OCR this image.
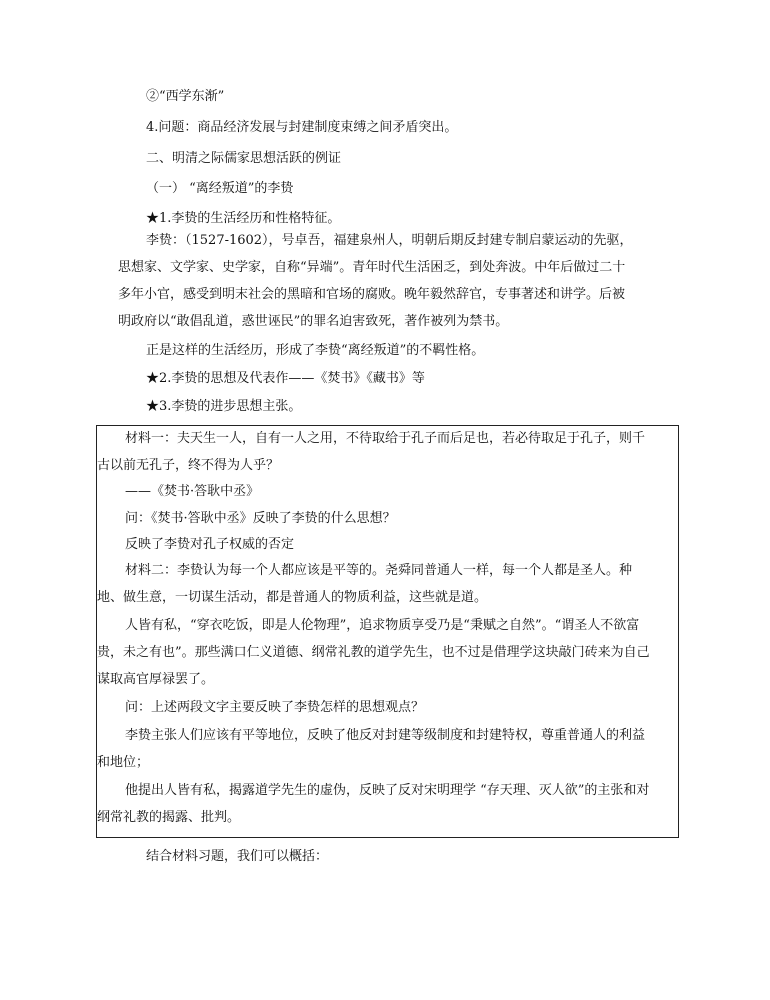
②“西学东渐”
4.问题：商品经济发展与封建制度束缚之间矛盾突出。
二、明清之际儒家思想活跃的例证
（一） “离经叛道”的李贽
★1.李贽的生活经历和性格特征。
李贽：（1527-1602），号卓吾，福建泉州人，明朝后期反封建专制启蒙运动的先驱，
思想家、文学家、史学家，自称“异端”。青年时代生活困乏，到处奔波。中年后做过二十
多年小官，感受到明末社会的黑暗和官场的腐败。晚年毅然辞官，专事著述和讲学。后被
明政府以“敢倡乱道，惑世诬民”的罪名迫害致死，著作被列为禁书。
正是这样的生活经历，形成了李贽“离经叛道”的不羁性格。
★2.李贽的思想及代表作——《焚书》《藏书》等
★3.李贽的进步思想主张。
材料一：夫天生一人，自有一人之用，不待取给于孔子而后足也，若必待取足于孔子，则千
古以前无孔子，终不得为人乎？
——《焚书·答耿中丞》
问：《焚书·答耿中丞》反映了李贽的什么思想？
反映了李贽对孔子权威的否定
材料二：李贽认为每一个人都应该是平等的。尧舜同普通人一样，每一个人都是圣人。种
地、做生意，一切谋生活动，都是普通人的物质利益，这些就是道。
人皆有私，“穿衣吃饭，即是人伦物理”，追求物质享受乃是“秉赋之自然”。“谓圣人不欲富
贵，未之有也”。那些满口仁义道德、纲常礼教的道学先生，也不过是借理学这块敲门砖来为自己
谋取高官厚禄罢了。
问：上述两段文字主要反映了李贽怎样的思想观点？
李贽主张人们应该有平等地位，反映了他反对封建等级制度和封建特权，尊重普通人的利益
和地位；
他提出人皆有私，揭露道学先生的虚伪，反映了反对宋明理学 “存天理、灭人欲”的主张和对
纲常礼教的揭露、批判。
结合材料习题，我们可以概括：
